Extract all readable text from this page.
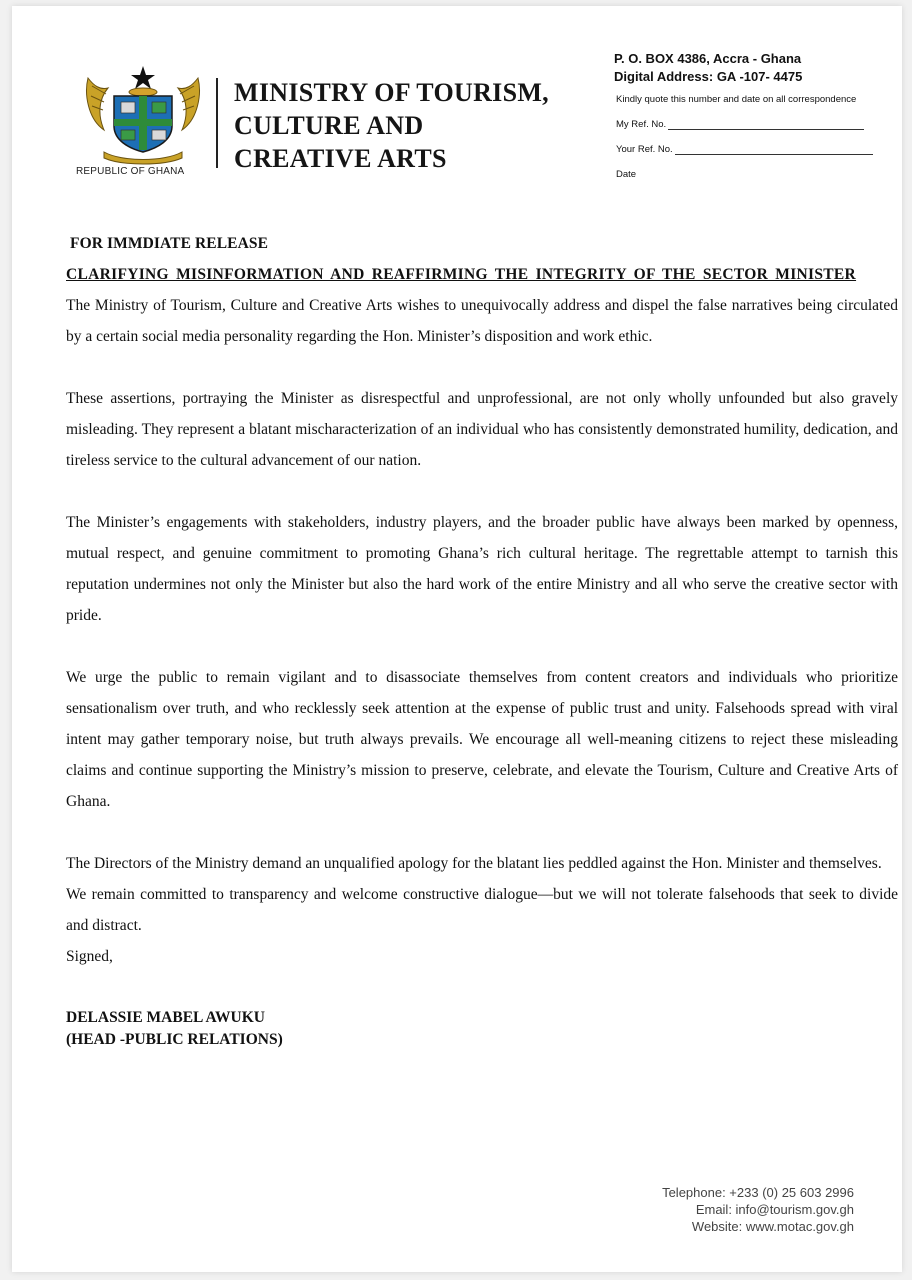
REPUBLIC OF GHANA
MINISTRY OF TOURISM,
CULTURE AND
CREATIVE ARTS
P. O. BOX 4386, Accra - Ghana
Digital Address: GA -107- 4475
Kindly quote this number and date on all correspondence
My Ref. No.
Your Ref. No.
Date
FOR IMMDIATE RELEASE
CLARIFYING MISINFORMATION AND REAFFIRMING THE INTEGRITY OF THE SECTOR MINISTER

The Ministry of Tourism, Culture and Creative Arts wishes to unequivocally address and dispel the false narratives being circulated by a certain social media personality regarding the Hon. Minister’s disposition and work ethic.

These assertions, portraying the Minister as disrespectful and unprofessional, are not only wholly unfounded but also gravely misleading. They represent a blatant mischaracterization of an individual who has consistently demonstrated humility, dedication, and tireless service to the cultural advancement of our nation.

The Minister’s engagements with stakeholders, industry players, and the broader public have always been marked by openness, mutual respect, and genuine commitment to promoting Ghana’s rich cultural heritage. The regrettable attempt to tarnish this reputation undermines not only the Minister but also the hard work of the entire Ministry and all who serve the creative sector with pride.

We urge the public to remain vigilant and to disassociate themselves from content creators and individuals who prioritize sensationalism over truth, and who recklessly seek attention at the expense of public trust and unity. Falsehoods spread with viral intent may gather temporary noise, but truth always prevails. We encourage all well-meaning citizens to reject these misleading claims and continue supporting the Ministry’s mission to preserve, celebrate, and elevate the Tourism, Culture and Creative Arts of Ghana.

The Directors of the Ministry demand an unqualified apology for the blatant lies peddled against the Hon. Minister and themselves.

We remain committed to transparency and welcome constructive dialogue—but we will not tolerate falsehoods that seek to divide and distract.

Signed,

DELASSIE MABEL AWUKU
(HEAD -PUBLIC RELATIONS)
Telephone: +233 (0) 25 603 2996
Email: info@tourism.gov.gh
Website: www.motac.gov.gh
